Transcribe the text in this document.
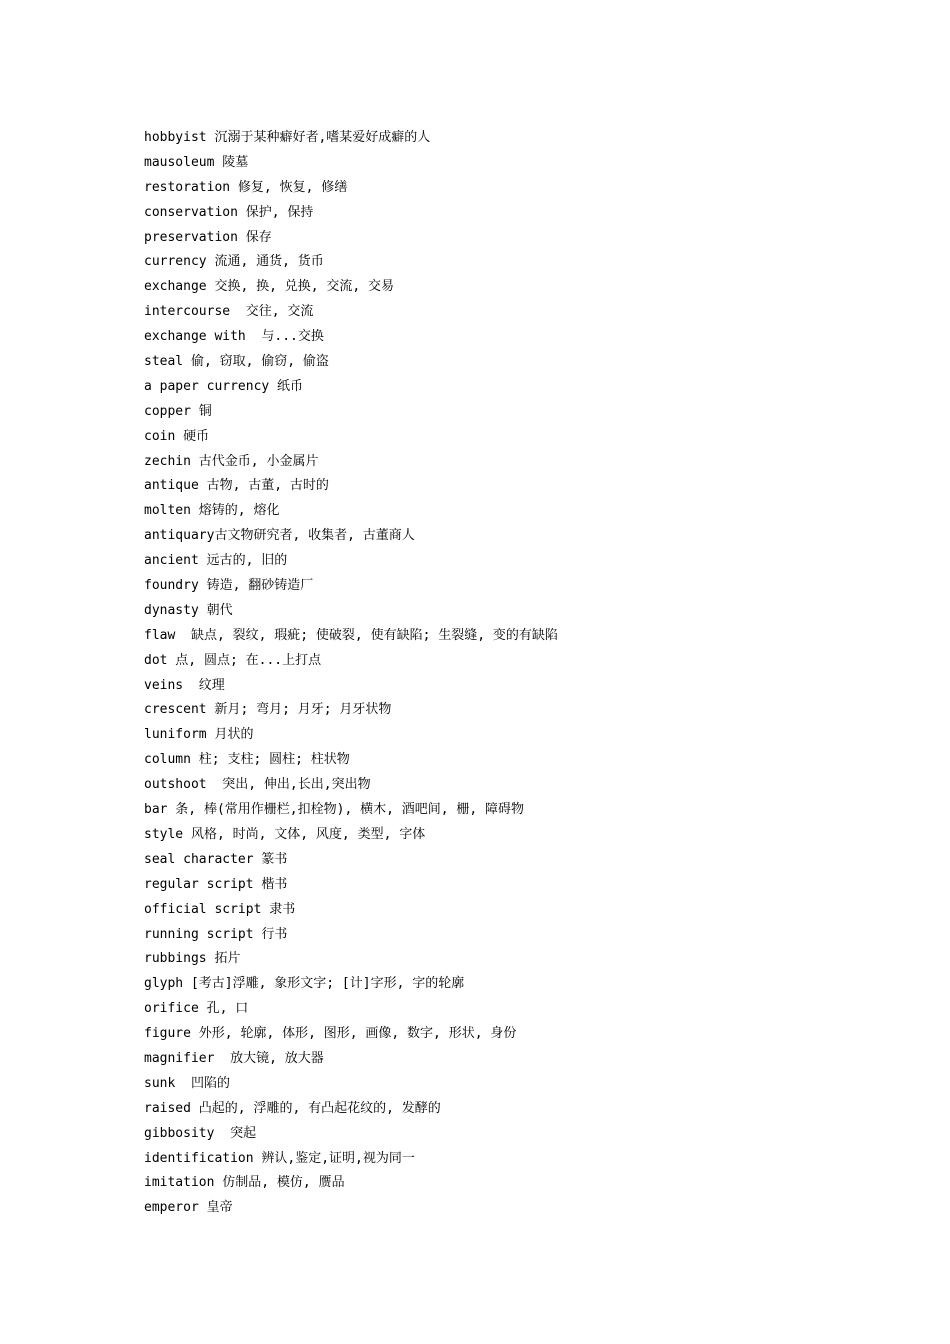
hobbyist 沉溺于某种癖好者,嗜某爱好成癖的人
mausoleum 陵墓
restoration 修复, 恢复, 修缮
conservation 保护, 保持
preservation 保存
currency 流通, 通货, 货币
exchange 交换, 换, 兑换, 交流, 交易
intercourse  交往, 交流
exchange with  与...交换
steal 偷, 窃取, 偷窃, 偷盗
a paper currency 纸币
copper 铜
coin 硬币
zechin 古代金币, 小金属片
antique 古物, 古董, 古时的
molten 熔铸的, 熔化
antiquary古文物研究者, 收集者, 古董商人
ancient 远古的, 旧的
foundry 铸造, 翻砂铸造厂
dynasty 朝代
flaw  缺点, 裂纹, 瑕疵; 使破裂, 使有缺陷; 生裂缝, 变的有缺陷
dot 点, 圆点; 在...上打点
veins  纹理
crescent 新月; 弯月; 月牙; 月牙状物
luniform 月状的
column 柱; 支柱; 圆柱; 柱状物
outshoot  突出, 伸出,长出,突出物
bar 条, 棒(常用作栅栏,扣栓物), 横木, 酒吧间, 栅, 障碍物
style 风格, 时尚, 文体, 风度, 类型, 字体
seal character 篆书
regular script 楷书
official script 隶书
running script 行书
rubbings 拓片
glyph [考古]浮雕, 象形文字; [计]字形, 字的轮廓
orifice 孔, 口
figure 外形, 轮廓, 体形, 图形, 画像, 数字, 形状, 身份
magnifier  放大镜, 放大器
sunk  凹陷的
raised 凸起的, 浮雕的, 有凸起花纹的, 发酵的
gibbosity  突起
identification 辨认,鉴定,证明,视为同一
imitation 仿制品, 模仿, 赝品
emperor 皇帝
